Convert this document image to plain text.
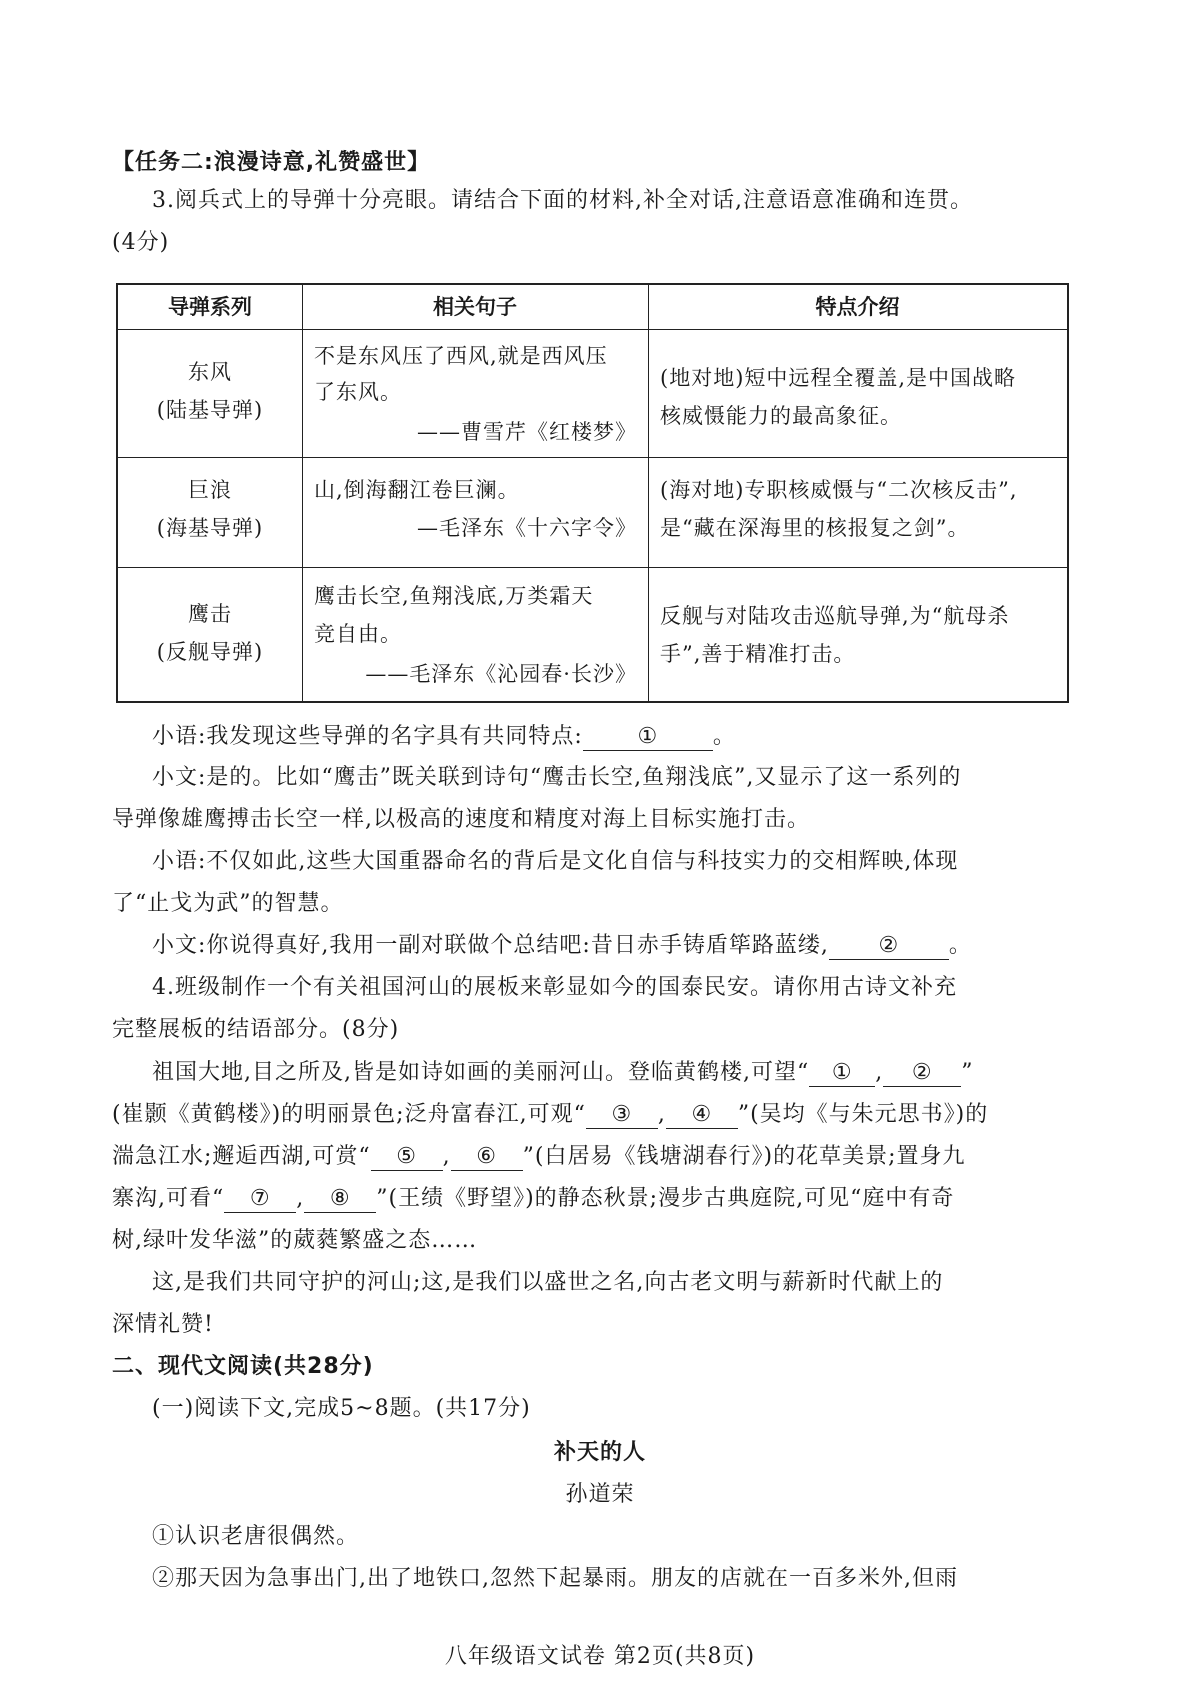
【任务二:浪漫诗意,礼赞盛世】
3.阅兵式上的导弹十分亮眼。请结合下面的材料,补全对话,注意语意准确和连贯。
(4分)
导弹系列	相关句子	特点介绍
东风
(陆基导弹)
不是东风压了西风,就是西风压
了东风。
——曹雪芹《红楼梦》
(地对地)短中远程全覆盖,是中国战略
核威慑能力的最高象征。
巨浪
(海基导弹)
山,倒海翻江卷巨澜。
—毛泽东《十六字令》
(海对地)专职核威慑与“二次核反击”,
是“藏在深海里的核报复之剑”。
鹰击
(反舰导弹)
鹰击长空,鱼翔浅底,万类霜天
竞自由。
——毛泽东《沁园春·长沙》
反舰与对陆攻击巡航导弹,为“航母杀
手”,善于精准打击。
小语:我发现这些导弹的名字具有共同特点: ① 。
小文:是的。比如“鹰击”既关联到诗句“鹰击长空,鱼翔浅底”,又显示了这一系列的
导弹像雄鹰搏击长空一样,以极高的速度和精度对海上目标实施打击。
小语:不仅如此,这些大国重器命名的背后是文化自信与科技实力的交相辉映,体现
了“止戈为武”的智慧。
小文:你说得真好,我用一副对联做个总结吧:昔日赤手铸盾筚路蓝缕, ② 。
4.班级制作一个有关祖国河山的展板来彰显如今的国泰民安。请你用古诗文补充
完整展板的结语部分。(8分)
祖国大地,目之所及,皆是如诗如画的美丽河山。登临黄鹤楼,可望“ ① , ② ”
(崔颢《黄鹤楼》)的明丽景色;泛舟富春江,可观“ ③ , ④ ”(吴均《与朱元思书》)的
湍急江水;邂逅西湖,可赏“ ⑤ , ⑥ ”(白居易《钱塘湖春行》)的花草美景;置身九
寨沟,可看“ ⑦ , ⑧ ”(王绩《野望》)的静态秋景;漫步古典庭院,可见“庭中有奇
树,绿叶发华滋”的葳蕤繁盛之态……
这,是我们共同守护的河山;这,是我们以盛世之名,向古老文明与薪新时代献上的
深情礼赞!
二、现代文阅读(共28分)
(一)阅读下文,完成5~8题。(共17分)
补天的人
孙道荣
①认识老唐很偶然。
②那天因为急事出门,出了地铁口,忽然下起暴雨。朋友的店就在一百多米外,但雨
八年级语文试卷 第2页(共8页)
